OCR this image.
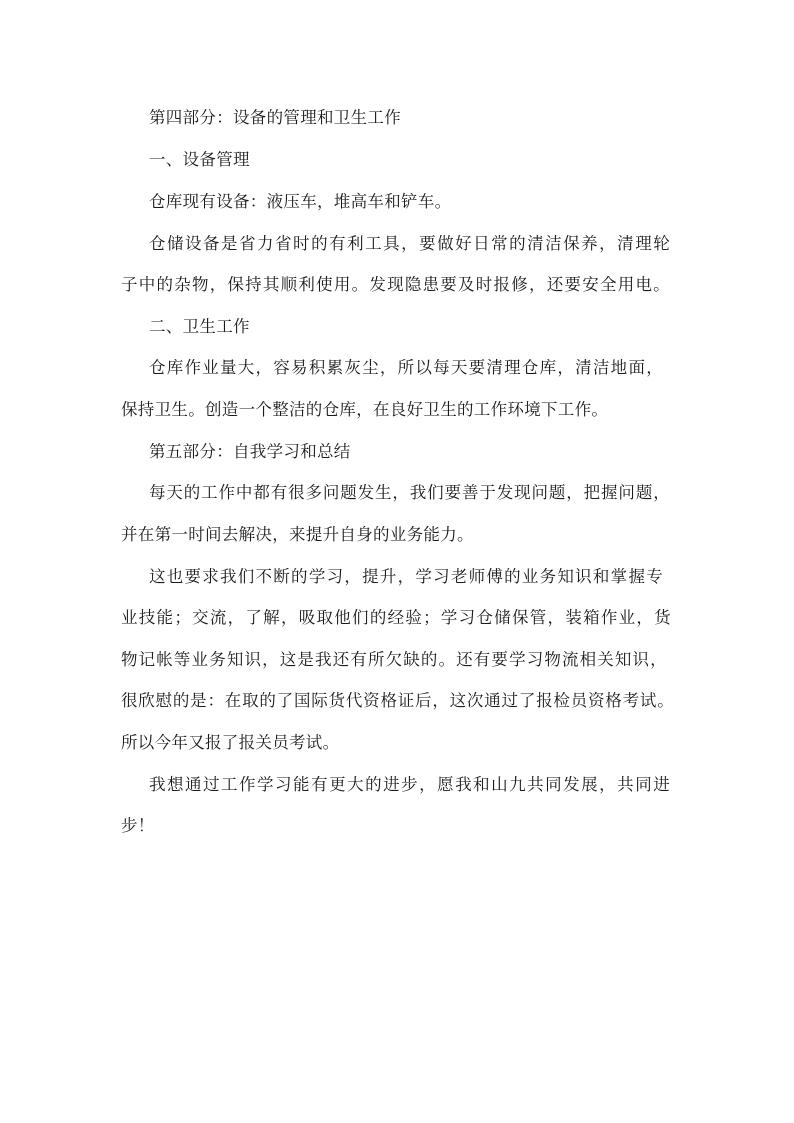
第四部分：设备的管理和卫生工作
一、设备管理
仓库现有设备：液压车，堆高车和铲车。
仓储设备是省力省时的有利工具，要做好日常的清洁保养，清理轮
子中的杂物，保持其顺利使用。发现隐患要及时报修，还要安全用电。
二、卫生工作
仓库作业量大，容易积累灰尘，所以每天要清理仓库，清洁地面，
保持卫生。创造一个整洁的仓库，在良好卫生的工作环境下工作。
第五部分：自我学习和总结
每天的工作中都有很多问题发生，我们要善于发现问题，把握问题，
并在第一时间去解决，来提升自身的业务能力。
这也要求我们不断的学习，提升，学习老师傅的业务知识和掌握专
业技能；交流，了解，吸取他们的经验；学习仓储保管，装箱作业，货
物记帐等业务知识，这是我还有所欠缺的。还有要学习物流相关知识，
很欣慰的是：在取的了国际货代资格证后，这次通过了报检员资格考试。
所以今年又报了报关员考试。
我想通过工作学习能有更大的进步，愿我和山九共同发展，共同进
步！
